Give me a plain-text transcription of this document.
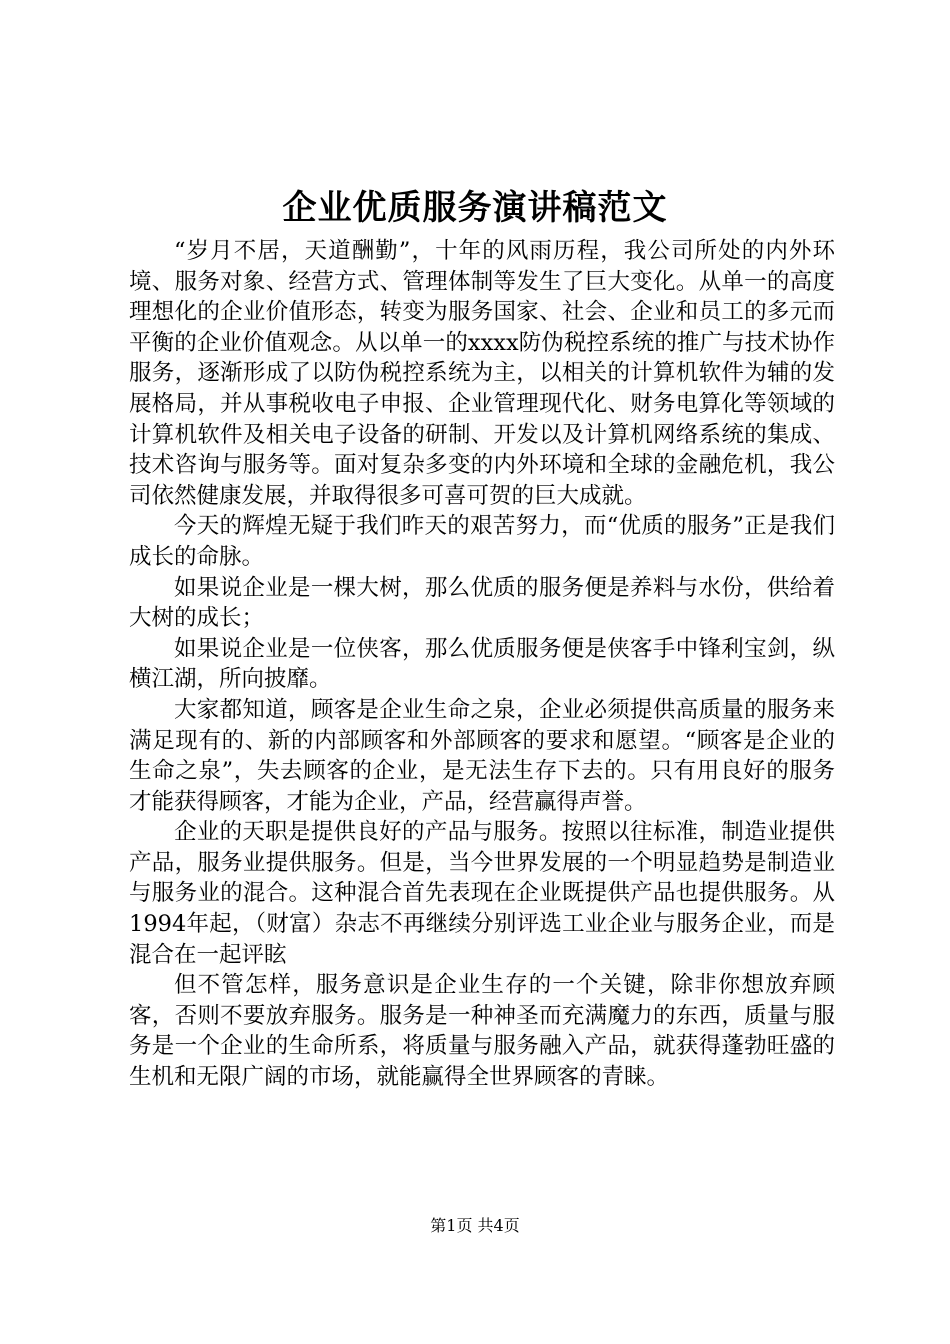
企业优质服务演讲稿范文

“岁月不居，天道酬勤”，十年的风雨历程，我公司所处的内外环境、服务对象、经营方式、管理体制等发生了巨大变化。从单一的高度理想化的企业价值形态，转变为服务国家、社会、企业和员工的多元而平衡的企业价值观念。从以单一的xxxx防伪税控系统的推广与技术协作服务，逐渐形成了以防伪税控系统为主，以相关的计算机软件为辅的发展格局，并从事税收电子申报、企业管理现代化、财务电算化等领域的计算机软件及相关电子设备的研制、开发以及计算机网络系统的集成、技术咨询与服务等。面对复杂多变的内外环境和全球的金融危机，我公司依然健康发展，并取得很多可喜可贺的巨大成就。

今天的辉煌无疑于我们昨天的艰苦努力，而“优质的服务”正是我们成长的命脉。

如果说企业是一棵大树，那么优质的服务便是养料与水份，供给着大树的成长；

如果说企业是一位侠客，那么优质服务便是侠客手中锋利宝剑，纵横江湖，所向披靡。

大家都知道，顾客是企业生命之泉，企业必须提供高质量的服务来满足现有的、新的内部顾客和外部顾客的要求和愿望。“顾客是企业的生命之泉”，失去顾客的企业，是无法生存下去的。只有用良好的服务才能获得顾客，才能为企业，产品，经营赢得声誉。

企业的天职是提供良好的产品与服务。按照以往标准，制造业提供产品，服务业提供服务。但是，当今世界发展的一个明显趋势是制造业与服务业的混合。这种混合首先表现在企业既提供产品也提供服务。从1994年起，（财富）杂志不再继续分别评选工业企业与服务企业，而是混合在一起评眩

但不管怎样，服务意识是企业生存的一个关键，除非你想放弃顾客，否则不要放弃服务。服务是一种神圣而充满魔力的东西，质量与服务是一个企业的生命所系，将质量与服务融入产品，就获得蓬勃旺盛的生机和无限广阔的市场，就能赢得全世界顾客的青睐。

第1页 共4页
